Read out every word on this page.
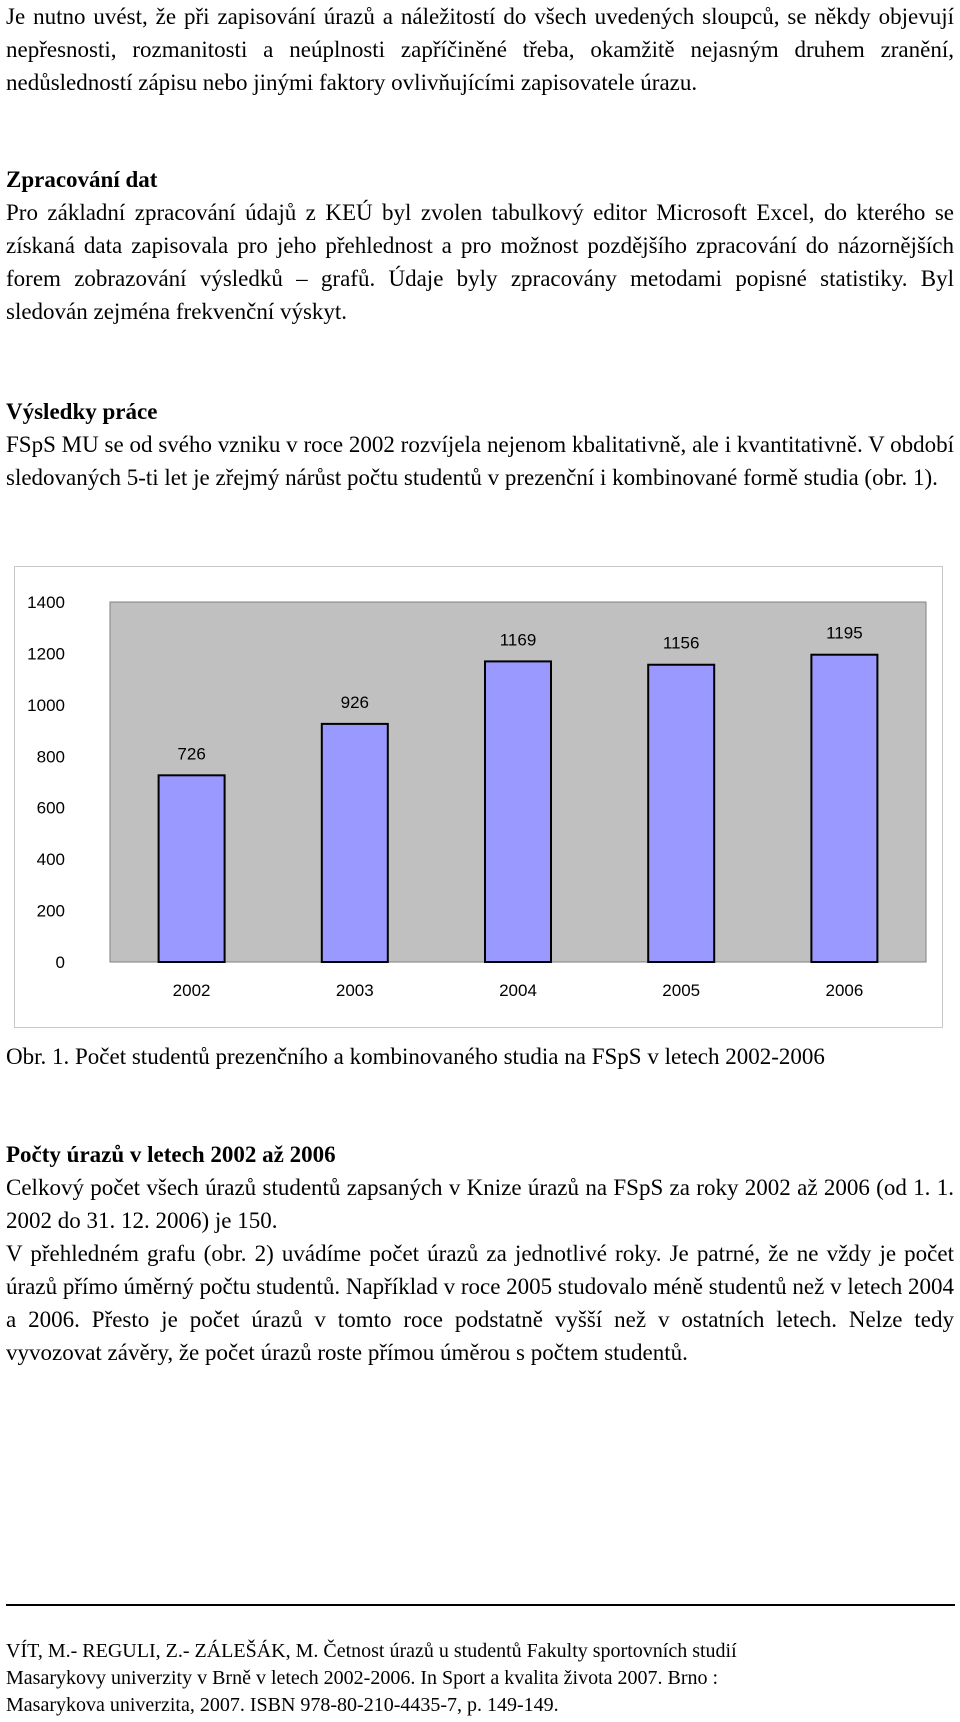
Je nutno uvést, že při zapisování úrazů a náležitostí do všech uvedených sloupců, se někdy objevují nepřesnosti, rozmanitosti a neúplnosti zapříčiněné třeba, okamžitě nejasným druhem zranění, nedůsledností zápisu nebo jinými faktory ovlivňujícími zapisovatele úrazu.

Zpracování dat

Pro základní zpracování údajů z KEÚ byl zvolen tabulkový editor Microsoft Excel, do kterého se získaná data zapisovala pro jeho přehlednost a pro možnost pozdějšího zpracování do názornějších forem zobrazování výsledků – grafů. Údaje byly zpracovány metodami popisné statistiky. Byl sledován zejména frekvenční výskyt.

Výsledky práce

FSpS MU se od svého vzniku v roce 2002 rozvíjela nejenom kbalitativně, ale i kvantitativně. V období sledovaných 5-ti let je zřejmý nárůst počtu studentů v prezenční i kombinované formě studia (obr. 1).

Obr. 1. Počet studentů prezenčního a kombinovaného studia na FSpS v letech 2002-2006

Počty úrazů v letech 2002 až 2006

Celkový počet všech úrazů studentů zapsaných v Knize úrazů na FSpS za roky 2002 až 2006 (od 1. 1. 2002 do 31. 12. 2006) je 150.

V přehledném grafu (obr. 2) uvádíme počet úrazů za jednotlivé roky. Je patrné, že ne vždy je počet úrazů přímo úměrný počtu studentů. Například v roce 2005 studovalo méně studentů než v letech 2004 a 2006. Přesto je počet úrazů v tomto roce podstatně vyšší než v ostatních letech. Nelze tedy vyvozovat závěry, že počet úrazů roste přímou úměrou s počtem studentů.

0
200
400
600
800
1000
1200
1400
726
2002
926
2003
1169
2004
1156
2005
1195
2006

VÍT, M.- REGULI, Z.- ZÁLEŠÁK, M. Četnost úrazů u studentů Fakulty sportovních studií

Masarykovy univerzity v Brně v letech 2002-2006. In Sport a kvalita života 2007. Brno :

Masarykova univerzita, 2007. ISBN 978-80-210-4435-7, p. 149-149.
